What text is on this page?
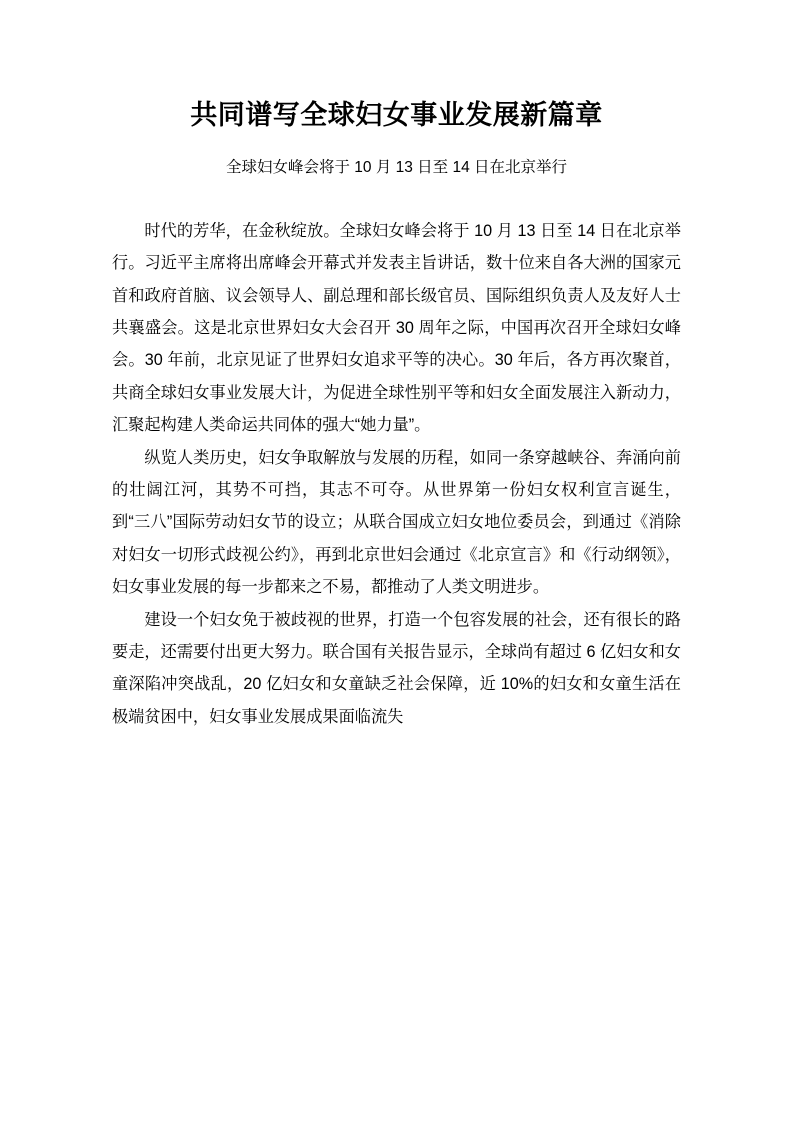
共同谱写全球妇女事业发展新篇章

全球妇女峰会将于 10 月 13 日至 14 日在北京举行

时代的芳华，在金秋绽放。全球妇女峰会将于 10 月 13 日至 14 日在北京举行。习近平主席将出席峰会开幕式并发表主旨讲话，数十位来自各大洲的国家元首和政府首脑、议会领导人、副总理和部长级官员、国际组织负责人及友好人士共襄盛会。这是北京世界妇女大会召开 30 周年之际，中国再次召开全球妇女峰会。30 年前，北京见证了世界妇女追求平等的决心。30 年后，各方再次聚首，共商全球妇女事业发展大计，为促进全球性别平等和妇女全面发展注入新动力，汇聚起构建人类命运共同体的强大“她力量”。

纵览人类历史，妇女争取解放与发展的历程，如同一条穿越峡谷、奔涌向前的壮阔江河，其势不可挡，其志不可夺。从世界第一份妇女权利宣言诞生，到“三八”国际劳动妇女节的设立；从联合国成立妇女地位委员会，到通过《消除对妇女一切形式歧视公约》，再到北京世妇会通过《北京宣言》和《行动纲领》，妇女事业发展的每一步都来之不易，都推动了人类文明进步。

建设一个妇女免于被歧视的世界，打造一个包容发展的社会，还有很长的路要走，还需要付出更大努力。联合国有关报告显示，全球尚有超过 6 亿妇女和女童深陷冲突战乱，20 亿妇女和女童缺乏社会保障，近 10%的妇女和女童生活在极端贫困中，妇女事业发展成果面临流失
